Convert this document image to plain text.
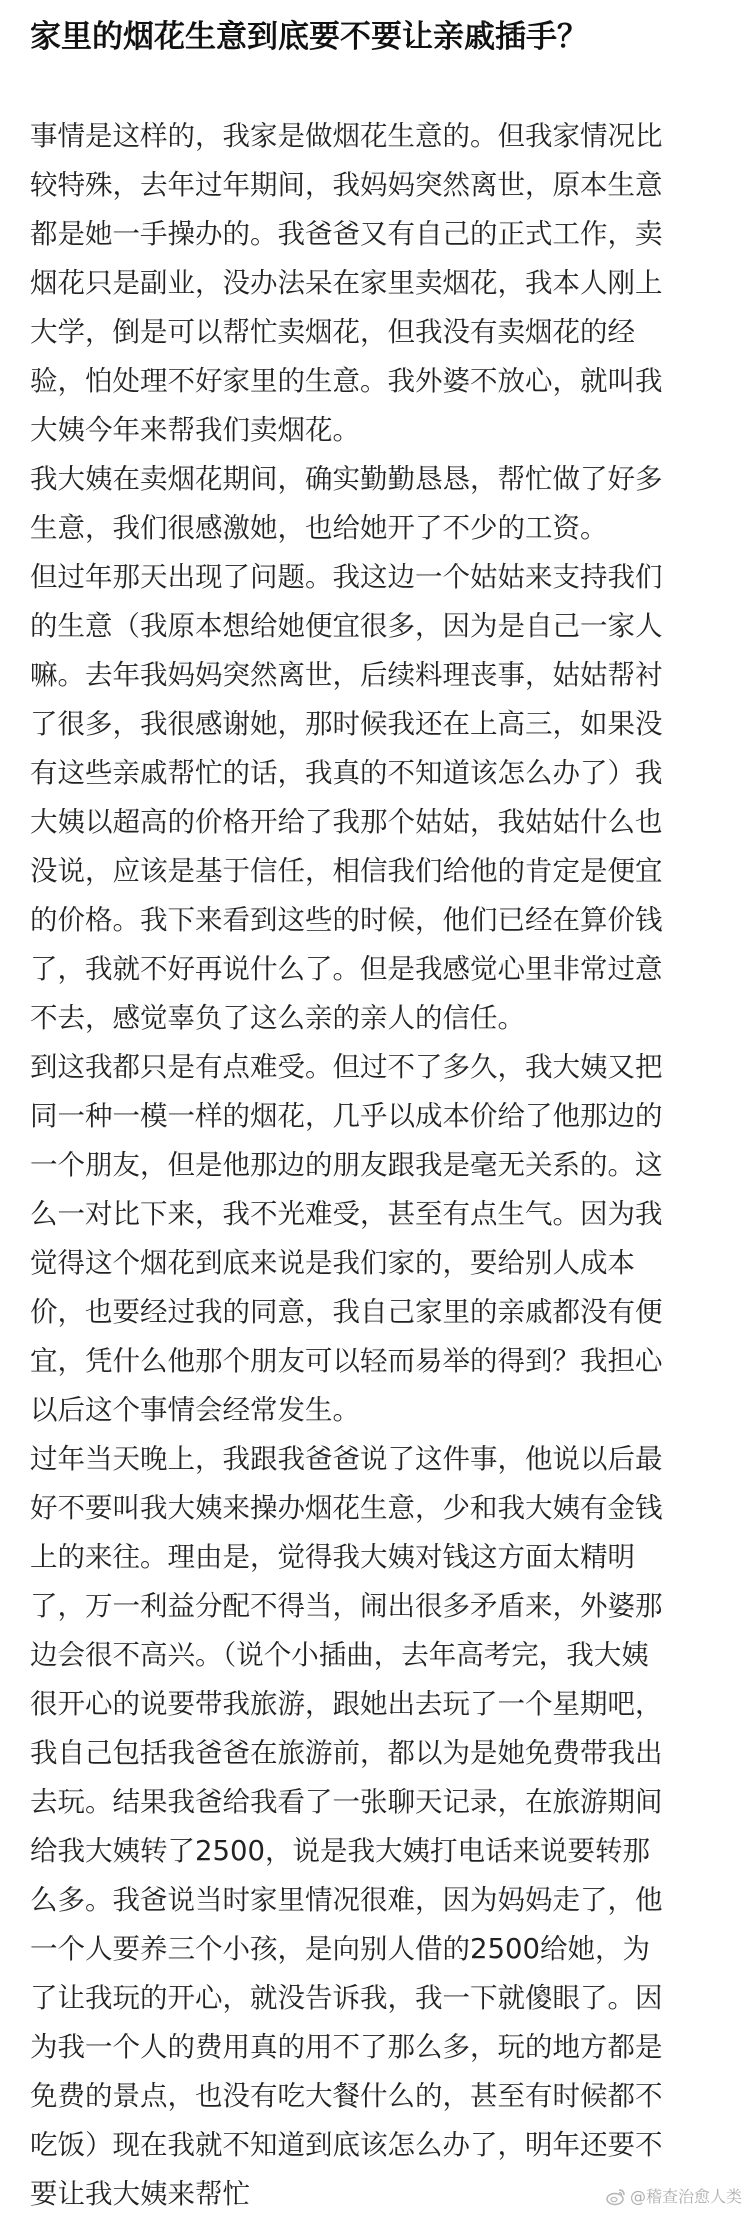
家里的烟花生意到底要不要让亲戚插手？
事情是这样的，我家是做烟花生意的。但我家情况比
较特殊，去年过年期间，我妈妈突然离世，原本生意
都是她一手操办的。我爸爸又有自己的正式工作，卖
烟花只是副业，没办法呆在家里卖烟花，我本人刚上
大学，倒是可以帮忙卖烟花，但我没有卖烟花的经
验，怕处理不好家里的生意。我外婆不放心，就叫我
大姨今年来帮我们卖烟花。
我大姨在卖烟花期间，确实勤勤恳恳，帮忙做了好多
生意，我们很感激她，也给她开了不少的工资。
但过年那天出现了问题。我这边一个姑姑来支持我们
的生意（我原本想给她便宜很多，因为是自己一家人
嘛。去年我妈妈突然离世，后续料理丧事，姑姑帮衬
了很多，我很感谢她，那时候我还在上高三，如果没
有这些亲戚帮忙的话，我真的不知道该怎么办了）我
大姨以超高的价格开给了我那个姑姑，我姑姑什么也
没说，应该是基于信任，相信我们给他的肯定是便宜
的价格。我下来看到这些的时候，他们已经在算价钱
了，我就不好再说什么了。但是我感觉心里非常过意
不去，感觉辜负了这么亲的亲人的信任。
到这我都只是有点难受。但过不了多久，我大姨又把
同一种一模一样的烟花，几乎以成本价给了他那边的
一个朋友，但是他那边的朋友跟我是毫无关系的。这
么一对比下来，我不光难受，甚至有点生气。因为我
觉得这个烟花到底来说是我们家的，要给别人成本
价，也要经过我的同意，我自己家里的亲戚都没有便
宜，凭什么他那个朋友可以轻而易举的得到？我担心
以后这个事情会经常发生。
过年当天晚上，我跟我爸爸说了这件事，他说以后最
好不要叫我大姨来操办烟花生意，少和我大姨有金钱
上的来往。理由是，觉得我大姨对钱这方面太精明
了，万一利益分配不得当，闹出很多矛盾来，外婆那
边会很不高兴。（说个小插曲，去年高考完，我大姨
很开心的说要带我旅游，跟她出去玩了一个星期吧，
我自己包括我爸爸在旅游前，都以为是她免费带我出
去玩。结果我爸给我看了一张聊天记录，在旅游期间
给我大姨转了2500，说是我大姨打电话来说要转那
么多。我爸说当时家里情况很难，因为妈妈走了，他
一个人要养三个小孩，是向别人借的2500给她，为
了让我玩的开心，就没告诉我，我一下就傻眼了。因
为我一个人的费用真的用不了那么多，玩的地方都是
免费的景点，也没有吃大餐什么的，甚至有时候都不
吃饭）现在我就不知道到底该怎么办了，明年还要不
要让我大姨来帮忙	@稽查治愈人类
